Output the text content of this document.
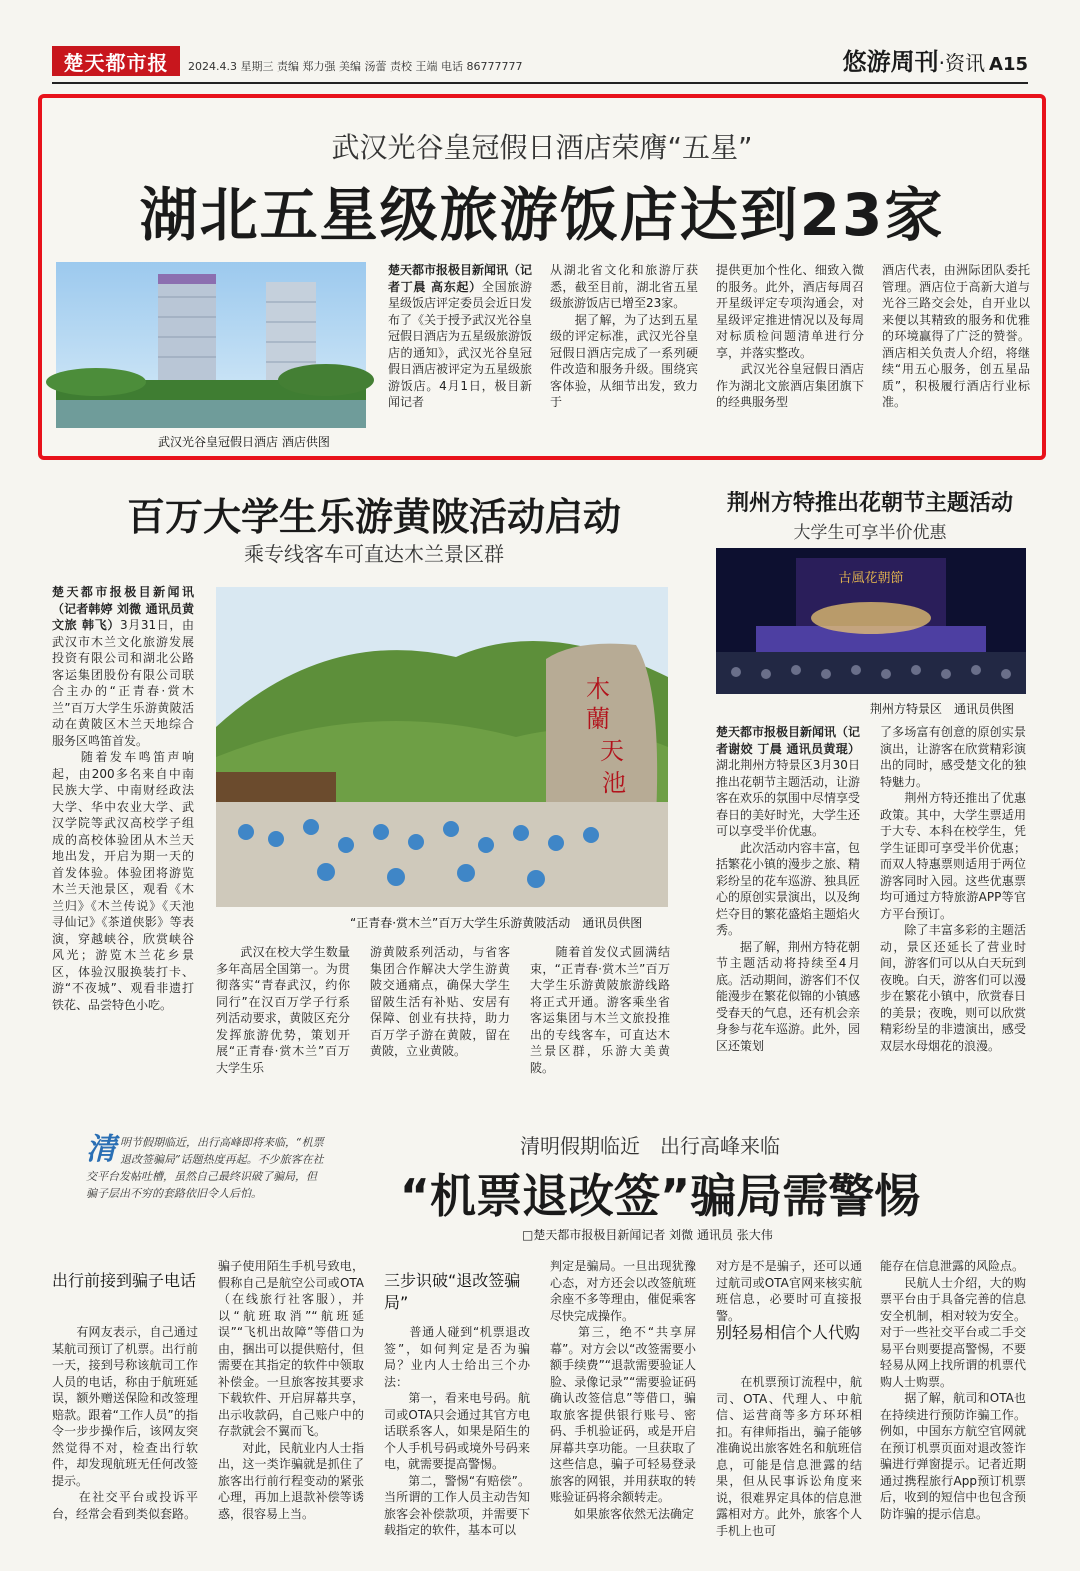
楚天都市报	2024.4.3 星期三 责编 郑力强 美编 汤蕾 责校 王端 电话 86777777	悠游周刊·资讯 A15
武汉光谷皇冠假日酒店荣膺“五星”
湖北五星级旅游饭店达到23家
武汉光谷皇冠假日酒店 酒店供图
楚天都市报极目新闻讯（记者丁晨 高东起）全国旅游星级饭店评定委员会近日发布了《关于授予武汉光谷皇冠假日酒店为五星级旅游饭店的通知》，武汉光谷皇冠假日酒店被评定为五星级旅游饭店。4月1日，极目新闻记者
从湖北省文化和旅游厅获悉，截至目前，湖北省五星级旅游饭店已增至23家。
　　据了解，为了达到五星级的评定标准，武汉光谷皇冠假日酒店完成了一系列硬件改造和服务升级。围绕宾客体验，从细节出发，致力于
提供更加个性化、细致入微的服务。此外，酒店每周召开星级评定专项沟通会，对星级评定推进情况以及每周对标质检问题清单进行分享，并落实整改。
　　武汉光谷皇冠假日酒店作为湖北文旅酒店集团旗下的经典服务型
酒店代表，由洲际团队委托管理。酒店位于高新大道与光谷三路交会处，自开业以来便以其精致的服务和优雅的环境赢得了广泛的赞誉。酒店相关负责人介绍，将继续“用五心服务，创五星品质”，积极履行酒店行业标准。
百万大学生乐游黄陂活动启动
乘专线客车可直达木兰景区群
楚天都市报极目新闻讯（记者韩婷 刘微 通讯员黄文旅 韩飞）3月31日，由武汉市木兰文化旅游发展投资有限公司和湖北公路客运集团股份有限公司联合主办的“正青春·赏木兰”百万大学生乐游黄陂活动在黄陂区木兰天地综合服务区鸣笛首发。
　　随着发车鸣笛声响起，由200多名来自中南民族大学、中南财经政法大学、华中农业大学、武汉学院等武汉高校学子组成的高校体验团从木兰天地出发，开启为期一天的首发体验。体验团将游览木兰天池景区，观看《木兰归》《木兰传说》《天池寻仙记》《茶道侠影》等表演，穿越峡谷，欣赏峡谷风光；游览木兰花乡景区，体验汉服换装打卡、游“不夜城”、观看非遗打铁花、品尝特色小吃。
木
蘭
天
池
“正青春·赏木兰”百万大学生乐游黄陂活动　通讯员供图
　　武汉在校大学生数量多年高居全国第一。为贯彻落实“青春武汉，约你同行”在汉百万学子行系列活动要求，黄陂区充分发挥旅游优势，策划开展“正青春·赏木兰”百万大学生乐
游黄陂系列活动，与省客集团合作解决大学生游黄陂交通痛点，确保大学生留陂生活有补贴、安居有保障、创业有扶持，助力百万学子游在黄陂，留在黄陂，立业黄陂。
　　随着首发仪式圆满结束，“正青春·赏木兰”百万大学生乐游黄陂旅游线路将正式开通。游客乘坐省客运集团与木兰文旅投推出的专线客车，可直达木兰景区群，乐游大美黄陂。
荆州方特推出花朝节主题活动
大学生可享半价优惠
古風花朝節
荆州方特景区　通讯员供图
楚天都市报极目新闻讯（记者谢姣 丁晨 通讯员黄琨）湖北荆州方特景区3月30日推出花朝节主题活动，让游客在欢乐的氛围中尽情享受春日的美好时光，大学生还可以享受半价优惠。
　　此次活动内容丰富，包括繁花小镇的漫步之旅、精彩纷呈的花车巡游、独具匠心的原创实景演出，以及绚烂夺目的繁花盛焰主题焰火秀。
　　据了解，荆州方特花朝节主题活动将持续至4月底。活动期间，游客们不仅能漫步在繁花似锦的小镇感受春天的气息，还有机会亲身参与花车巡游。此外，园区还策划
了多场富有创意的原创实景演出，让游客在欣赏精彩演出的同时，感受楚文化的独特魅力。
　　荆州方特还推出了优惠政策。其中，大学生票适用于大专、本科在校学生，凭学生证即可享受半价优惠；而双人特惠票则适用于两位游客同时入园。这些优惠票均可通过方特旅游APP等官方平台预订。
　　除了丰富多彩的主题活动，景区还延长了营业时间，游客们可以从白天玩到夜晚。白天，游客们可以漫步在繁花小镇中，欣赏春日的美景；夜晚，则可以欣赏精彩纷呈的非遗演出，感受双层水母烟花的浪漫。
清明节假期临近，出行高峰即将来临，“机票退改签骗局”话题热度再起。不少旅客在社交平台发帖吐槽，虽然自己最终识破了骗局，但骗子层出不穷的套路依旧令人后怕。
清明假期临近　出行高峰来临
“机票退改签”骗局需警惕
□楚天都市报极目新闻记者 刘微 通讯员 张大伟
出行前接到骗子电话
　　有网友表示，自己通过某航司预订了机票。出行前一天，接到号称该航司工作人员的电话，称由于航班延误，额外赠送保险和改签理赔款。跟着“工作人员”的指令一步步操作后，该网友突然觉得不对，检查出行软件，却发现航班无任何改签提示。
　　在社交平台或投诉平台，经常会看到类似套路。
骗子使用陌生手机号致电，假称自己是航空公司或OTA（在线旅行社客服），并以“航班取消”“航班延误”“飞机出故障”等借口为由，捆出可以提供赔付，但需要在其指定的软件中领取补偿金。一旦旅客按其要求下载软件、开启屏幕共享，出示收款码，自己账户中的存款就会不翼而飞。
　　对此，民航业内人士指出，这一类诈骗就是抓住了旅客出行前行程变动的紧张心理，再加上退款补偿等诱惑，很容易上当。
三步识破“退改签骗局”
　　普通人碰到“机票退改签”，如何判定是否为骗局？业内人士给出三个办法：
　　第一，看来电号码。航司或OTA只会通过其官方电话联系客人，如果是陌生的个人手机号码或境外号码来电，就需要提高警惕。
　　第二，警惕“有赔偿”。当所谓的工作人员主动告知旅客会补偿款项，并需要下载指定的软件，基本可以
判定是骗局。一旦出现犹豫心态，对方还会以改签航班余座不多等理由，催促乘客尽快完成操作。
　　第三，绝不“共享屏幕”。对方会以“改签需要小额手续费”“退款需要验证人脸、录像记录”“需要验证码确认改签信息”等借口，骗取旅客提供银行账号、密码、手机验证码，或是开启屏幕共享功能。一旦获取了这些信息，骗子可轻易登录旅客的网银，并用获取的转账验证码将余额转走。
　　如果旅客依然无法确定
对方是不是骗子，还可以通过航司或OTA官网来核实航班信息，必要时可直接报警。
别轻易相信个人代购
　　在机票预订流程中，航司、OTA、代理人、中航信、运营商等多方环环相扣。有律师指出，骗子能够准确说出旅客姓名和航班信息，可能是信息泄露的结果，但从民事诉讼角度来说，很难界定具体的信息泄露相对方。此外，旅客个人手机上也可
能存在信息泄露的风险点。
　　民航人士介绍，大的购票平台由于具备完善的信息安全机制，相对较为安全。对于一些社交平台或二手交易平台则要提高警惕，不要轻易从网上找所谓的机票代购人士购票。
　　据了解，航司和OTA也在持续进行预防诈骗工作。例如，中国东方航空官网就在预订机票页面对退改签诈骗进行弹窗提示。记者近期通过携程旅行App预订机票后，收到的短信中也包含预防诈骗的提示信息。
